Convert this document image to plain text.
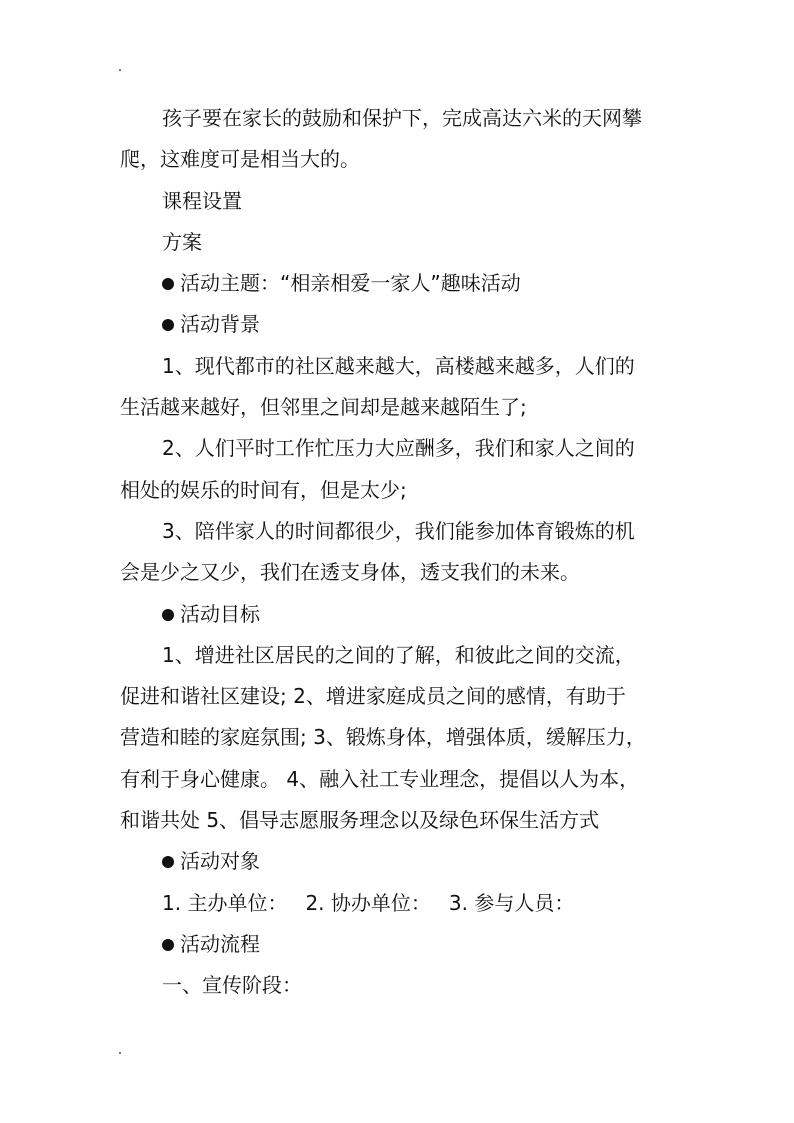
孩子要在家长的鼓励和保护下，完成高达六米的天网攀

爬，这难度可是相当大的。

课程设置

方案

活动主题：“相亲相爱一家人”趣味活动

活动背景

1、现代都市的社区越来越大，高楼越来越多，人们的

生活越来越好，但邻里之间却是越来越陌生了;

2、人们平时工作忙压力大应酬多，我们和家人之间的

相处的娱乐的时间有，但是太少;

3、陪伴家人的时间都很少，我们能参加体育锻炼的机

会是少之又少，我们在透支身体，透支我们的未来。

活动目标

1、增进社区居民的之间的了解，和彼此之间的交流，

促进和谐社区建设; 2、增进家庭成员之间的感情，有助于

营造和睦的家庭氛围; 3、锻炼身体，增强体质，缓解压力，

有利于身心健康。 4、融入社工专业理念，提倡以人为本，

和谐共处 5、倡导志愿服务理念以及绿色环保生活方式

活动对象

1. 主办单位： 2. 协办单位： 3. 参与人员：

活动流程

一、宣传阶段：
